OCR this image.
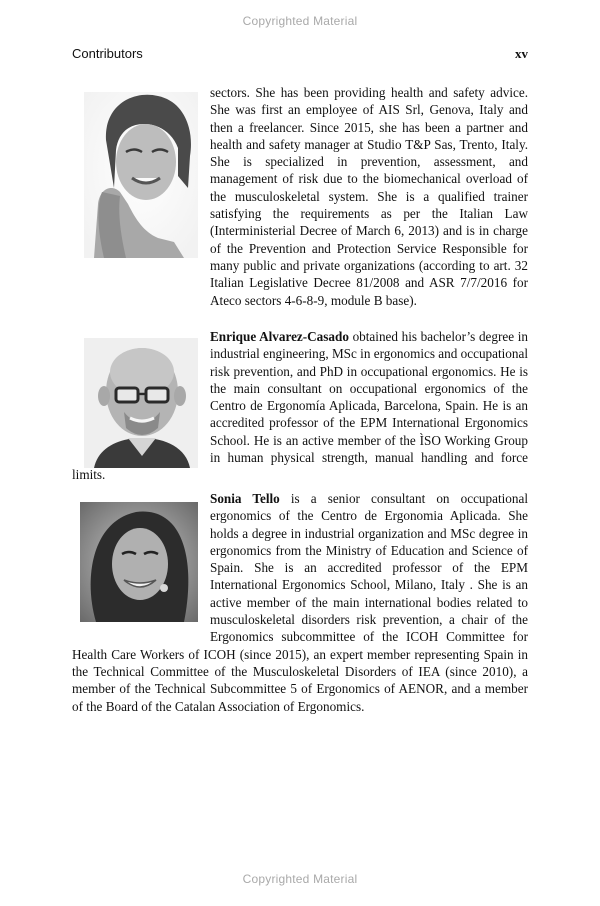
Copyrighted Material
Contributors	xv

sectors. She has been providing health and safety advice. She was first an employee of AIS Srl, Genova, Italy and then a freelancer. Since 2015, she has been a partner and health and safety manager at Studio T&P Sas, Trento, Italy. She is specialized in prevention, assessment, and management of risk due to the biomechanical overload of the musculoskeletal system. She is a qualified trainer satisfying the requirements as per the Italian Law (Interministerial Decree of March 6, 2013) and is in charge of the Prevention and Protection Service Responsible for many public and private organizations (according to art. 32 Italian Legislative Decree 81/2008 and ASR 7/7/2016 for Ateco sectors 4-6-8-9, module B base).

Enrique Alvarez-Casado obtained his bachelor’s degree in industrial engineering, MSc in ergonomics and occupational risk prevention, and PhD in occupational ergonomics. He is the main consultant on occupational ergonomics of the Centro de Ergonomía Aplicada, Barcelona, Spain. He is an accredited professor of the EPM International Ergonomics School. He is an active member of the ÌSO Working Group in human physical strength, manual handling and force limits.

Sonia Tello is a senior consultant on occupational ergonomics of the Centro de Ergonomia Aplicada. She holds a degree in industrial organization and MSc degree in ergonomics from the Ministry of Education and Science of Spain. She is an accredited professor of the EPM International Ergonomics School, Milano, Italy . She is an active member of the main international bodies related to musculoskeletal disorders risk prevention, a chair of the Ergonomics subcommittee of the ICOH Committee for Health Care Workers of ICOH (since 2015), an expert member representing Spain in the Technical Committee of the Musculoskeletal Disorders of IEA (since 2010), a member of the Technical Subcommittee 5 of Ergonomics of AENOR, and a member of the Board of the Catalan Association of Ergonomics.

Copyrighted Material
